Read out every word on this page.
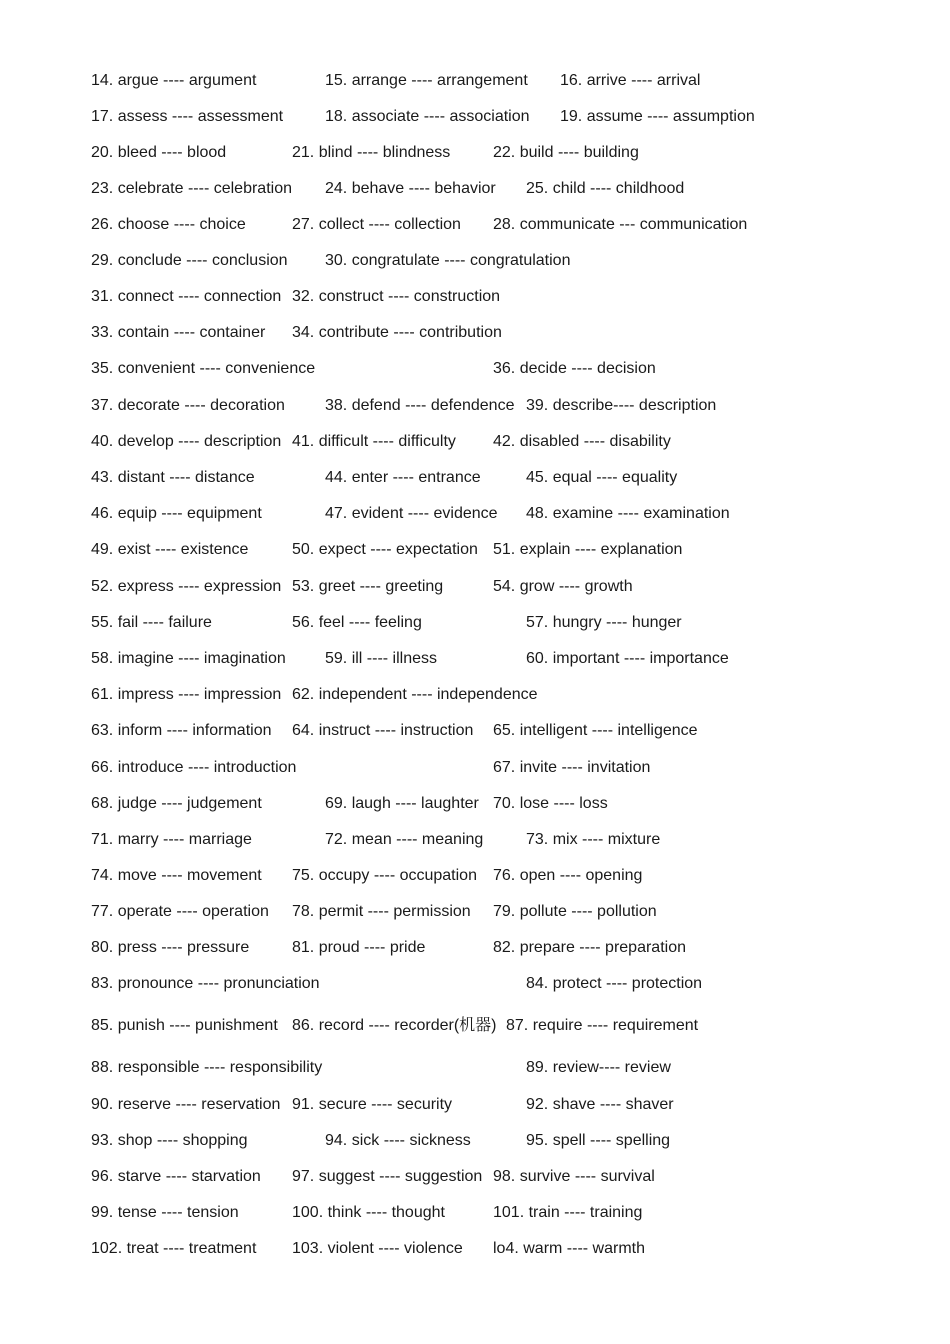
14. argue ---- argument	15. arrange ---- arrangement 16. arrive ---- arrival
17. assess ---- assessment	18. associate ---- association 19. assume ---- assumption
20. bleed ---- blood	21. blind ---- blindness	22. build ---- building
23. celebrate ---- celebration 24. behave ---- behavior 25. child ---- childhood
26. choose ---- choice	27. collect ---- collection 28. communicate --- communication
29. conclude ---- conclusion 30. congratulate ---- congratulation
31. connect ---- connection 32. construct ---- construction
33. contain ---- container 34. contribute ---- contribution
35. convenient ---- convenience	36. decide ---- decision
37. decorate ---- decoration	38. defend ---- defendence 39. describe---- description
40. develop ---- description 41. difficult ---- difficulty 42. disabled ---- disability
43. distant ---- distance	44. enter ---- entrance	45. equal ---- equality
46. equip ---- equipment	47. evident ---- evidence 48. examine ---- examination
49. exist ---- existence	50. expect ---- expectation 51. explain ---- explanation
52. express ---- expression 53. greet ---- greeting	54. grow ---- growth
55. fail ---- failure	56. feel ---- feeling	57. hungry ---- hunger
58. imagine ---- imagination 59. ill ---- illness	60. important ---- importance
61. impress ---- impression 62. independent ---- independence
63. inform ---- information 64. instruct ---- instruction 65. intelligent ---- intelligence
66. introduce ---- introduction	67. invite ---- invitation
68. judge ---- judgement	69. laugh ---- laughter 70. lose ---- loss
71. marry ---- marriage	72. mean ---- meaning	73. mix ---- mixture
74. move ---- movement 75. occupy ---- occupation 76. open ---- opening
77. operate ---- operation 78. permit ---- permission 79. pollute ---- pollution
80. press ---- pressure	81. proud ---- pride	82. prepare ---- preparation
83. pronounce ---- pronunciation	84. protect ---- protection
85. punish ---- punishment 86. record ---- recorder(机器) 87. require ---- requirement
88. responsible ---- responsibility	89. review---- review
90. reserve ---- reservation 91. secure ---- security	92. shave ---- shaver
93. shop ---- shopping	94. sick ---- sickness	95. spell ---- spelling
96. starve ---- starvation 97. suggest ---- suggestion 98. survive ---- survival
99. tense ---- tension	100. think ---- thought	101. train ---- training
102. treat ---- treatment 103. violent ---- violence lo4. warm ---- warmth
